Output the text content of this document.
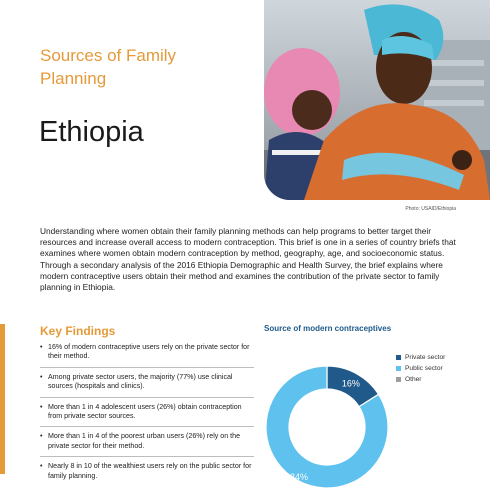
Sources of Family Planning
Ethiopia
Photo: USAID/Ethiopia

Understanding where women obtain their family planning methods can help programs to better target their resources and increase overall access to modern contraception. This brief is one in a series of country briefs that examines where women obtain modern contraception by method, geography, age, and socioeconomic status. Through a secondary analysis of the 2016 Ethiopia Demographic and Health Survey, the brief explains where modern contraceptive users obtain their method and examines the contribution of the private sector to family planning in Ethiopia.

Key Findings
• 16% of modern contraceptive users rely on the private sector for their method.
• Among private sector users, the majority (77%) use clinical sources (hospitals and clinics).
• More than 1 in 4 adolescent users (26%) obtain contraception from private sector sources.
• More than 1 in 4 of the poorest urban users (26%) rely on the private sector for their method.
• Nearly 8 in 10 of the wealthiest users rely on the public sector for family planning.
Source of modern contraceptives
16%
84%
Private sector
Public sector
Other
